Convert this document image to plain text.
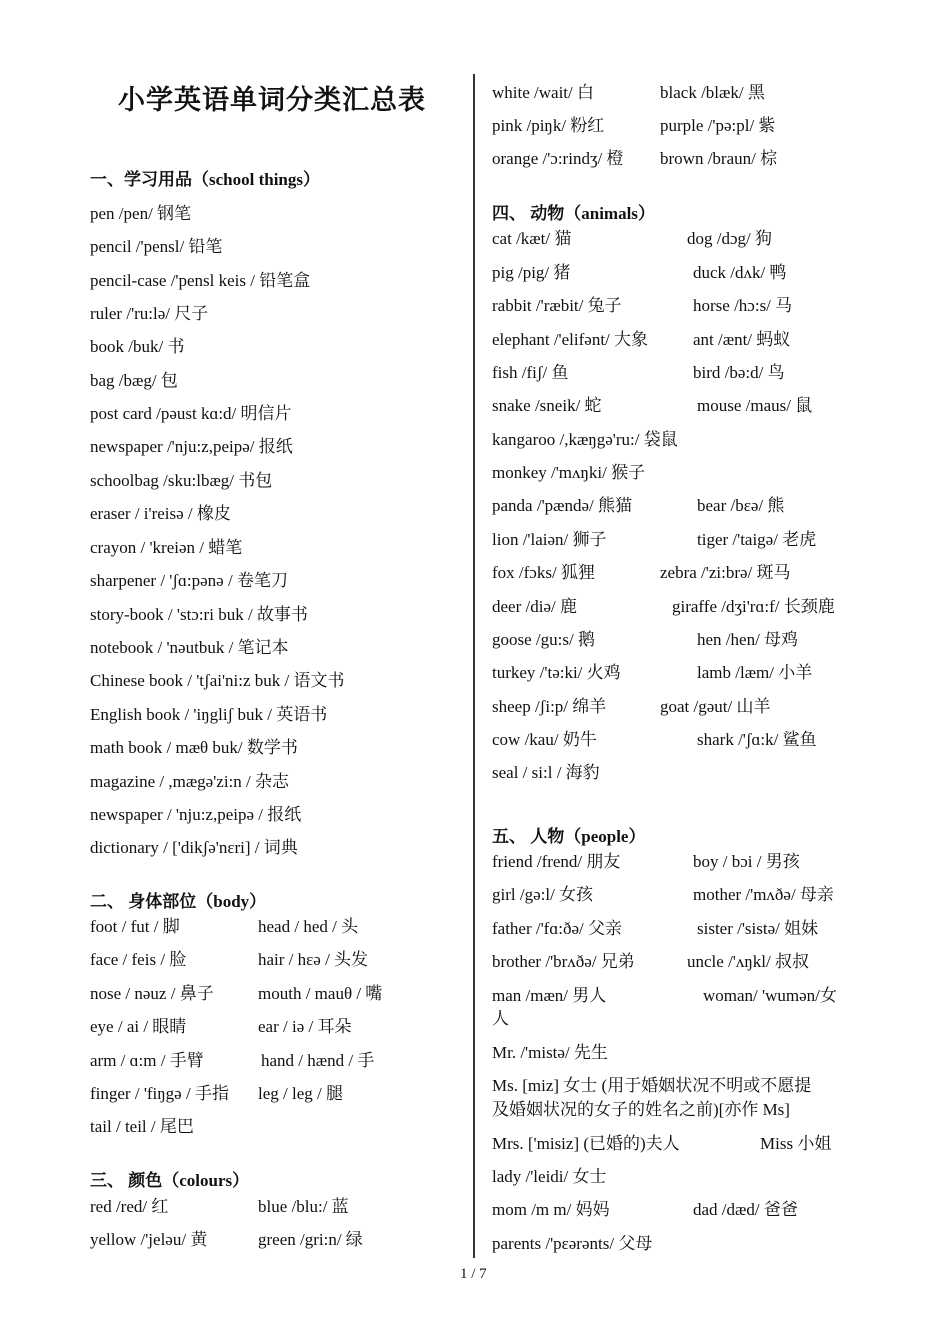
小学英语单词分类汇总表
一、学习用品（school things）
pen /pen/ 钢笔
pencil /'pensl/ 铅笔
pencil-case /'pensl keis / 铅笔盒
ruler /'ru:lə/ 尺子
book /buk/ 书
bag /bæg/ 包
post card /pəust kɑ:d/ 明信片
newspaper /'nju:z,peipə/ 报纸
schoolbag /sku:lbæg/ 书包
eraser / i'reisə / 橡皮
crayon / 'kreiən / 蜡笔
sharpener / 'ʃɑ:pənə / 卷笔刀
story-book / 'stɔ:ri buk / 故事书
notebook / 'nəutbuk / 笔记本
Chinese book / 'tʃai'ni:z buk / 语文书
English book / 'iŋgliʃ buk / 英语书
math book / mæθ buk/ 数学书
magazine / ,mægə'zi:n / 杂志
newspaper / 'nju:z,peipə / 报纸
dictionary / ['dikʃə'nɛri] / 词典
二、 身体部位（body）
foot / fut / 脚	head / hed / 头
face / feis / 脸	hair / hεə / 头发
nose / nəuz / 鼻子	mouth / mauθ / 嘴
eye / ai / 眼睛	ear / iə / 耳朵
arm / ɑ:m / 手臂	hand / hænd / 手
finger / 'fiŋgə / 手指 leg / leg / 腿
tail / teil / 尾巴
三、 颜色（colours）
red /red/ 红	blue /blu:/ 蓝
yellow /'jeləu/ 黄	green /gri:n/ 绿
white /wait/ 白	black /blæk/ 黑
pink /piŋk/ 粉红	purple /'pə:pl/ 紫
orange /'ɔ:rindʒ/ 橙 brown /braun/ 棕
四、 动物（animals）
cat /kæt/ 猫	dog /dɔg/ 狗
pig /pig/ 猪	duck /dʌk/ 鸭
rabbit /'ræbit/ 兔子	horse /hɔ:s/ 马
elephant /'elifənt/ 大象	ant /ænt/ 蚂蚁
fish /fiʃ/ 鱼	bird /bə:d/ 鸟
snake /sneik/ 蛇	mouse /maus/ 鼠
kangaroo /,kæŋgə'ru:/ 袋鼠
monkey /'mʌŋki/ 猴子
panda /'pændə/ 熊猫	bear /bεə/ 熊
lion /'laiən/ 狮子	tiger /'taigə/ 老虎
fox /fɔks/ 狐狸	zebra /'zi:brə/ 斑马
deer /diə/ 鹿	giraffe /dʒi'rɑ:f/ 长颈鹿
goose /gu:s/ 鹅	hen /hen/ 母鸡
turkey /'tə:ki/ 火鸡	lamb /læm/ 小羊
sheep /ʃi:p/ 绵羊	goat /gəut/ 山羊
cow /kau/ 奶牛	shark /'ʃɑ:k/ 鲨鱼
seal / si:l / 海豹
五、 人物（people）
friend /frend/ 朋友	boy / bɔi / 男孩
girl /gə:l/ 女孩	mother /'mʌðə/ 母亲
father /'fɑ:ðə/ 父亲	sister /'sistə/ 姐妹
brother /'brʌðə/ 兄弟	uncle /'ʌŋkl/ 叔叔
man /mæn/ 男人	woman/ 'wumən/女
人
Mr. /'mistə/ 先生
Ms. [miz] 女士 (用于婚姻状况不明或不愿提
及婚姻状况的女子的姓名之前)[亦作 Ms]
Mrs. ['misiz] (已婚的)夫人	Miss 小姐
lady /'leidi/ 女士
mom /m m/ 妈妈	dad /dæd/ 爸爸
parents /'pεərənts/ 父母
1 / 7
